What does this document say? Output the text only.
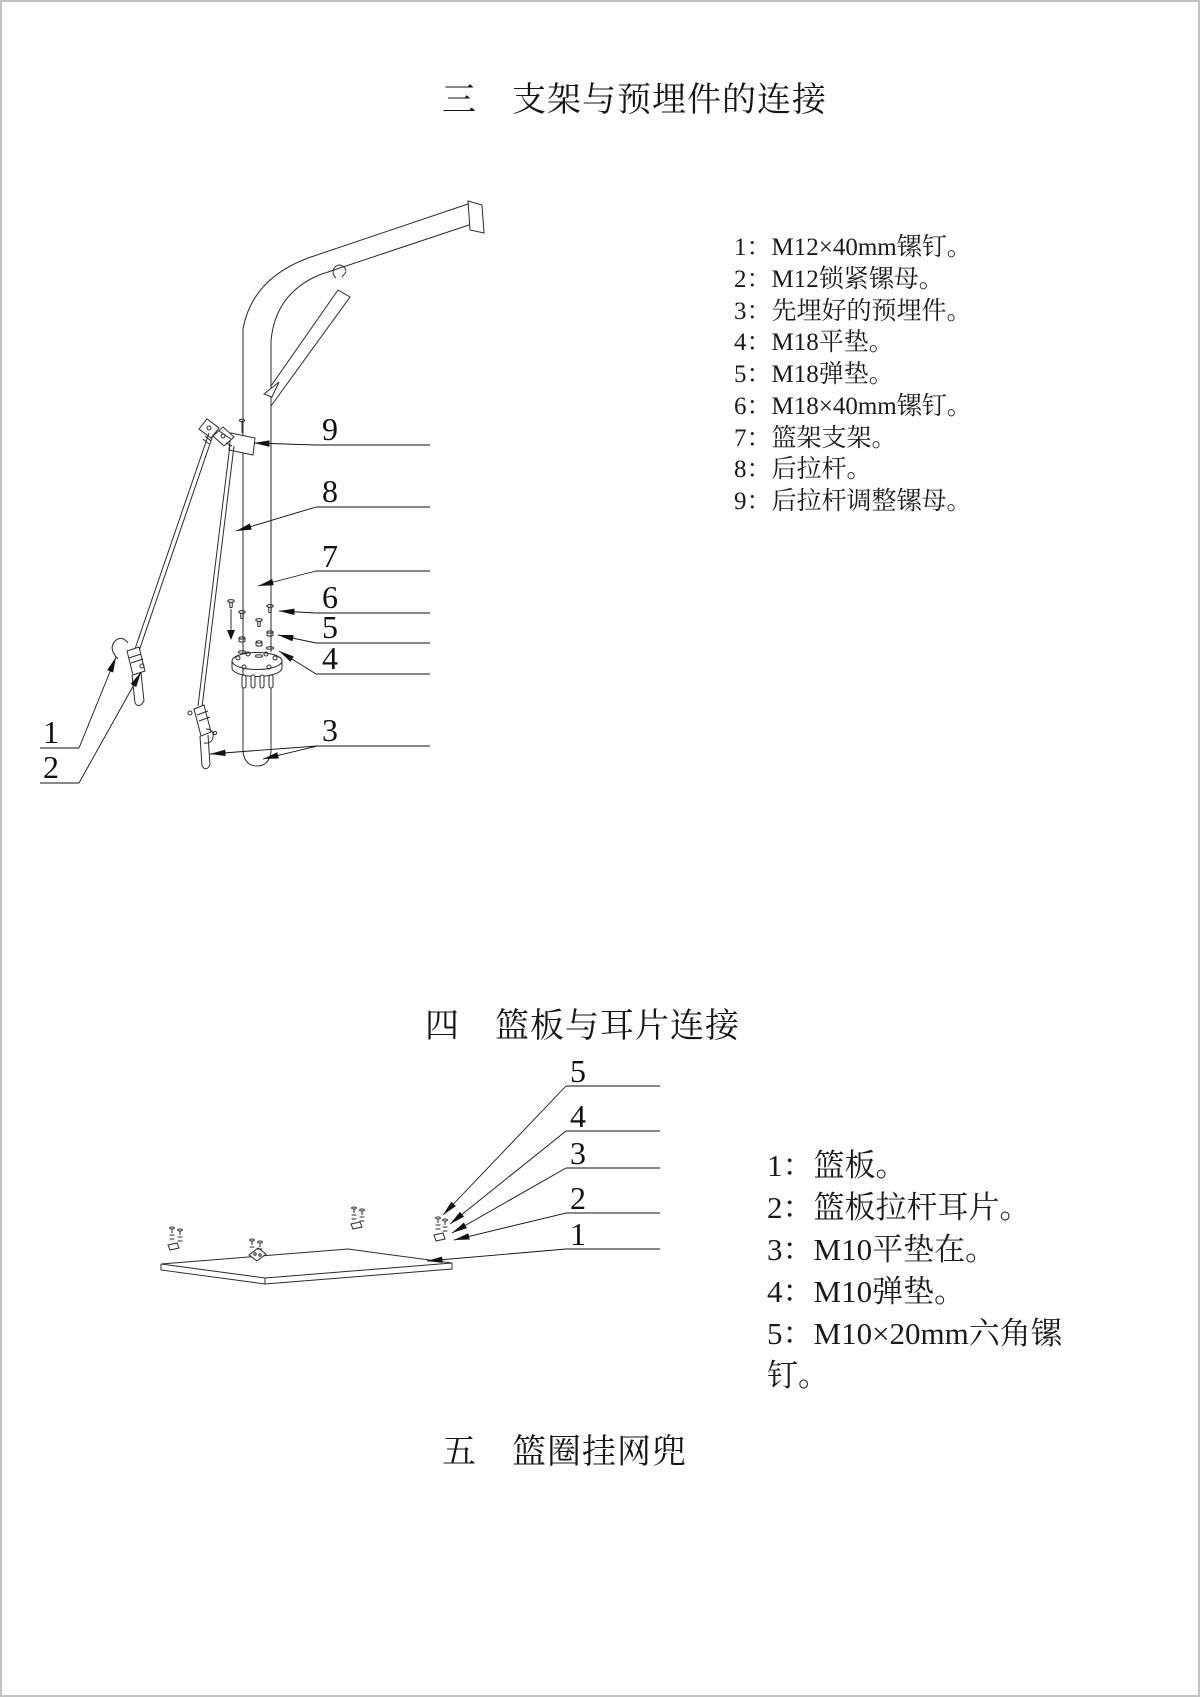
三　支架与预埋件的连接
四　篮板与耳片连接
五　篮圈挂网兜
1：M12×40mm镙钉。
2：M12锁紧镙母。
3：先埋好的预埋件。
4：M18平垫。
5：M18弹垫。
6：M18×40mm镙钉。
7：篮架支架。
8：后拉杆。
9：后拉杆调整镙母。
1：篮板。
2：篮板拉杆耳片。
3：M10平垫在。
4：M10弹垫。
5：M10×20mm六角镙钉。
9
8
7
6
5
4
3
1
2
5
4
3
2
1
